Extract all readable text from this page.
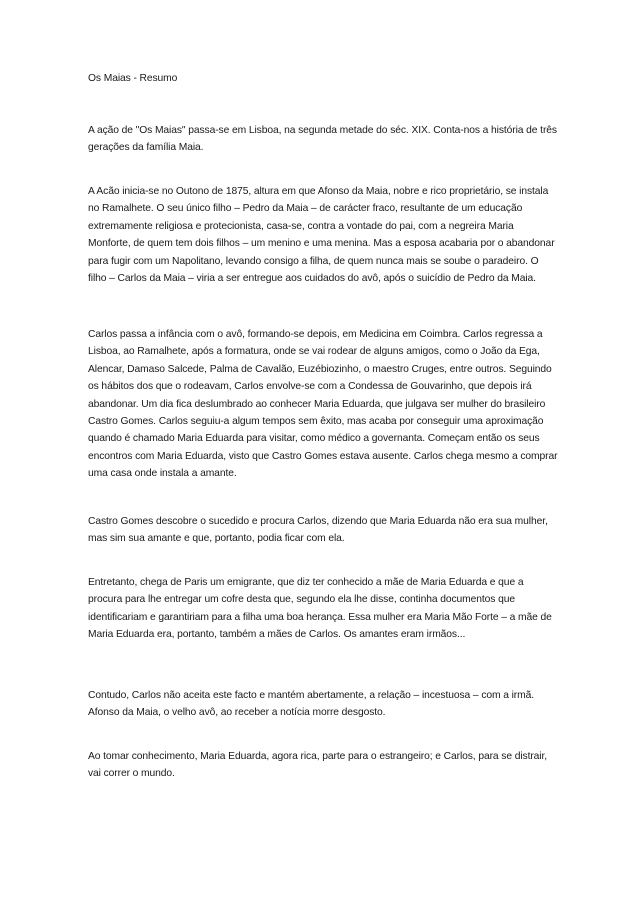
Os Maias - Resumo

A ação de "Os Maias" passa-se em Lisboa, na segunda metade do séc. XIX. Conta-nos a história de três gerações da família Maia.

A Acão inicia-se no Outono de 1875, altura em que Afonso da Maia, nobre e rico proprietário, se instala no Ramalhete. O seu único filho – Pedro da Maia – de carácter fraco, resultante de um educação extremamente religiosa e protecionista, casa-se, contra a vontade do pai, com a negreira Maria Monforte, de quem tem dois filhos – um menino e uma menina. Mas a esposa acabaria por o abandonar para fugir com um Napolitano, levando consigo a filha, de quem nunca mais se soube o paradeiro. O filho – Carlos da Maia – viria a ser entregue aos cuidados do avô, após o suicídio de Pedro da Maia.

Carlos passa a infância com o avô, formando-se depois, em Medicina em Coimbra. Carlos regressa a Lisboa, ao Ramalhete, após a formatura, onde se vai rodear de alguns amigos, como o João da Ega, Alencar, Damaso Salcede, Palma de Cavalão, Euzébiozinho, o maestro Cruges, entre outros. Seguindo os hábitos dos que o rodeavam, Carlos envolve-se com a Condessa de Gouvarinho, que depois irá abandonar. Um dia fica deslumbrado ao conhecer Maria Eduarda, que julgava ser mulher do brasileiro Castro Gomes. Carlos seguiu-a algum tempos sem êxito, mas acaba por conseguir uma aproximação quando é chamado Maria Eduarda para visitar, como médico a governanta. Começam então os seus encontros com Maria Eduarda, visto que Castro Gomes estava ausente. Carlos chega mesmo a comprar uma casa onde instala a amante.

Castro Gomes descobre o sucedido e procura Carlos, dizendo que Maria Eduarda não era sua mulher, mas sim sua amante e que, portanto, podia ficar com ela.

Entretanto, chega de Paris um emigrante, que diz ter conhecido a mãe de Maria Eduarda e que a procura para lhe entregar um cofre desta que, segundo ela lhe disse, continha documentos que identificariam e garantiriam para a filha uma boa herança. Essa mulher era Maria Mão Forte – a mãe de Maria Eduarda era, portanto, também a mães de Carlos. Os amantes eram irmãos...

Contudo, Carlos não aceita este facto e mantém abertamente, a relação – incestuosa – com a irmã. Afonso da Maia, o velho avô, ao receber a notícia morre desgosto.

Ao tomar conhecimento, Maria Eduarda, agora rica, parte para o estrangeiro; e Carlos, para se distrair, vai correr o mundo.
